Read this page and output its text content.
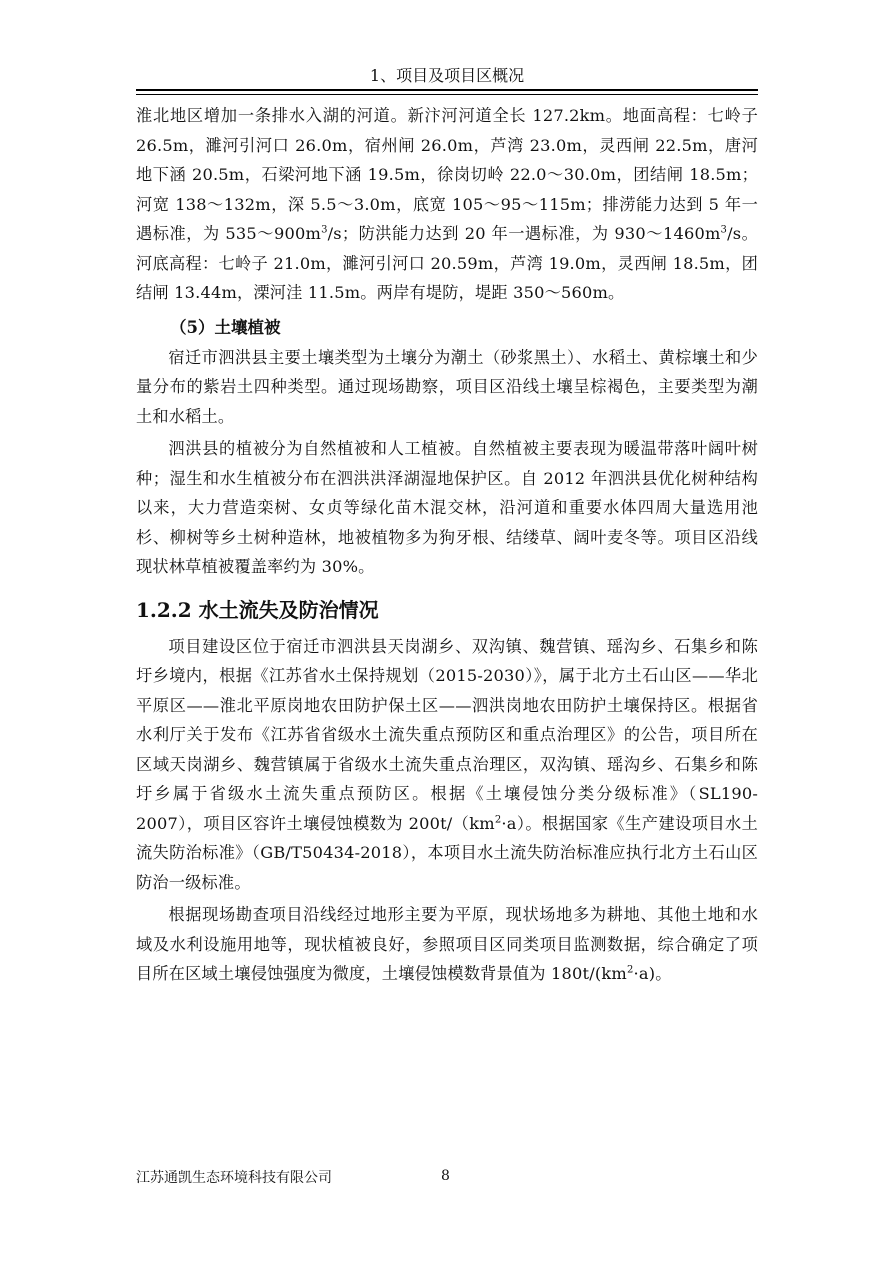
1、项目及项目区概况

淮北地区增加一条排水入湖的河道。新汴河河道全长 127.2km。地面高程：七岭子 26.5m，濉河引河口 26.0m，宿州闸 26.0m，芦湾 23.0m，灵西闸 22.5m，唐河地下涵 20.5m，石梁河地下涵 19.5m，徐岗切岭 22.0～30.0m，团结闸 18.5m；河宽 138～132m，深 5.5～3.0m，底宽 105～95～115m；排涝能力达到 5 年一遇标准，为 $535\sim 900m^3/s$；防洪能力达到 20 年一遇标准，为 $930\sim 1460m^3/s$。河底高程：七岭子 21.0m，濉河引河口 20.59m，芦湾 19.0m，灵西闸 18.5m，团结闸 13.44m，溧河洼 11.5m。两岸有堤防，堤距 350～560m。

（5）土壤植被

宿迁市泗洪县主要土壤类型为土壤分为潮土（砂浆黑土）、水稻土、黄棕壤土和少量分布的紫岩土四种类型。通过现场勘察，项目区沿线土壤呈棕褐色，主要类型为潮土和水稻土。

泗洪县的植被分为自然植被和人工植被。自然植被主要表现为暖温带落叶阔叶树种；湿生和水生植被分布在泗洪洪泽湖湿地保护区。自 2012 年泗洪县优化树种结构以来，大力营造栾树、女贞等绿化苗木混交林，沿河道和重要水体四周大量选用池杉、柳树等乡土树种造林，地被植物多为狗牙根、结缕草、阔叶麦冬等。项目区沿线现状林草植被覆盖率约为 30%。

1.2.2 水土流失及防治情况

项目建设区位于宿迁市泗洪县天岗湖乡、双沟镇、魏营镇、瑶沟乡、石集乡和陈圩乡境内，根据《江苏省水土保持规划（2015-2030）》，属于北方土石山区——华北平原区——淮北平原岗地农田防护保土区——泗洪岗地农田防护土壤保持区。根据省水利厅关于发布《江苏省省级水土流失重点预防区和重点治理区》的公告，项目所在区域天岗湖乡、魏营镇属于省级水土流失重点治理区，双沟镇、瑶沟乡、石集乡和陈圩乡属于省级水土流失重点预防区。根据《土壤侵蚀分类分级标准》（SL190-2007），项目区容许土壤侵蚀模数为 $200t/(km^2\cdot a)$。根据国家《生产建设项目水土流失防治标准》（GB/T50434-2018），本项目水土流失防治标准应执行北方土石山区防治一级标准。

根据现场勘查项目沿线经过地形主要为平原，现状场地多为耕地、其他土地和水域及水利设施用地等，现状植被良好，参照项目区同类项目监测数据，综合确定了项目所在区域土壤侵蚀强度为微度，土壤侵蚀模数背景值为 $180t/(km^2\cdot a)$。

江苏通凯生态环境科技有限公司	8
